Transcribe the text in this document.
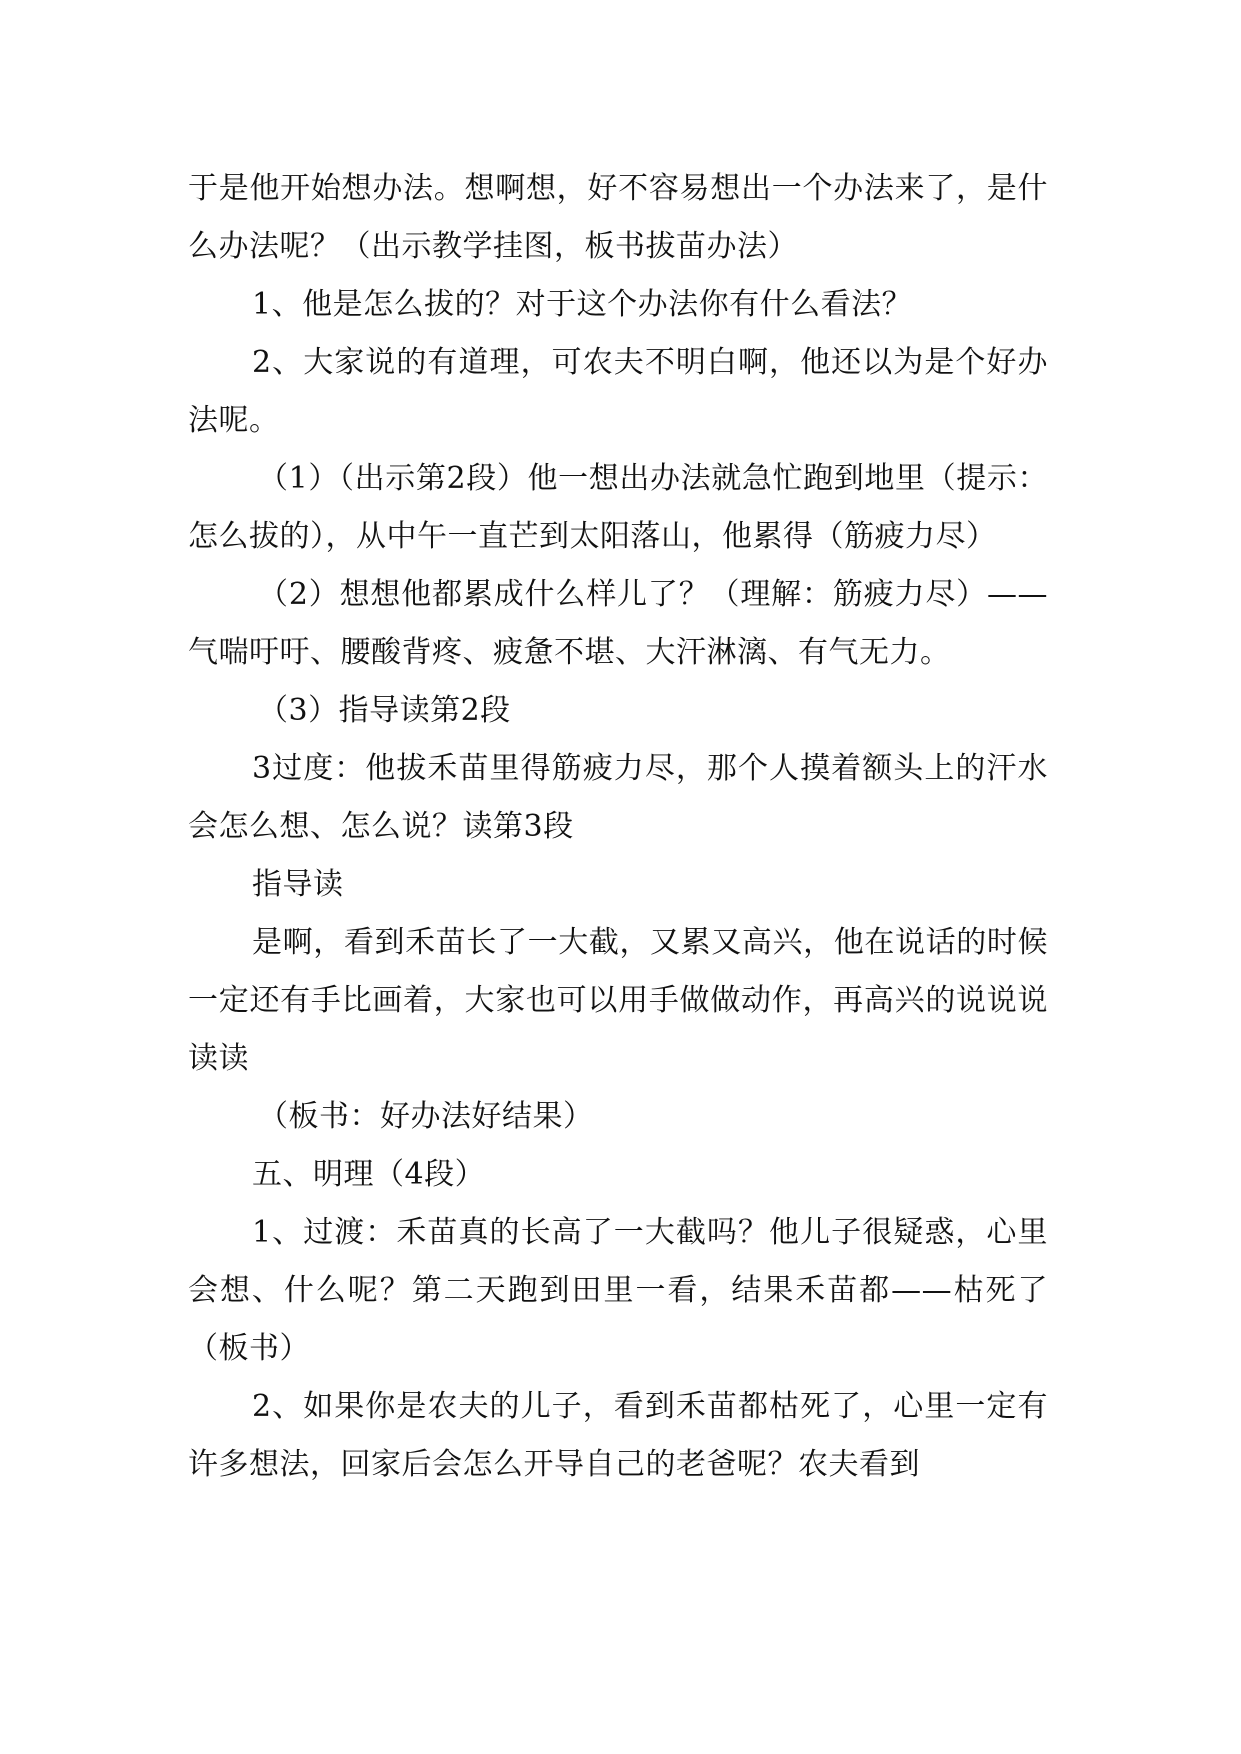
于是他开始想办法。想啊想，好不容易想出一个办法来了，是什么办法呢？（出示教学挂图，板书拔苗办法）

1、他是怎么拔的？对于这个办法你有什么看法？

2、大家说的有道理，可农夫不明白啊，他还以为是个好办法呢。

（1）（出示第2段）他一想出办法就急忙跑到地里（提示：怎么拔的），从中午一直芒到太阳落山，他累得（筋疲力尽）

（2）想想他都累成什么样儿了？（理解：筋疲力尽）——气喘吁吁、腰酸背疼、疲惫不堪、大汗淋漓、有气无力。

（3）指导读第2段

3过度：他拔禾苗里得筋疲力尽，那个人摸着额头上的汗水会怎么想、怎么说？读第3段

指导读

是啊，看到禾苗长了一大截，又累又高兴，他在说话的时候一定还有手比画着，大家也可以用手做做动作，再高兴的说说说读读

（板书：好办法好结果）

五、明理（4段）

1、过渡：禾苗真的长高了一大截吗？他儿子很疑惑，心里会想、什么呢？第二天跑到田里一看，结果禾苗都——枯死了（板书）

2、如果你是农夫的儿子，看到禾苗都枯死了，心里一定有许多想法，回家后会怎么开导自己的老爸呢？农夫看到
